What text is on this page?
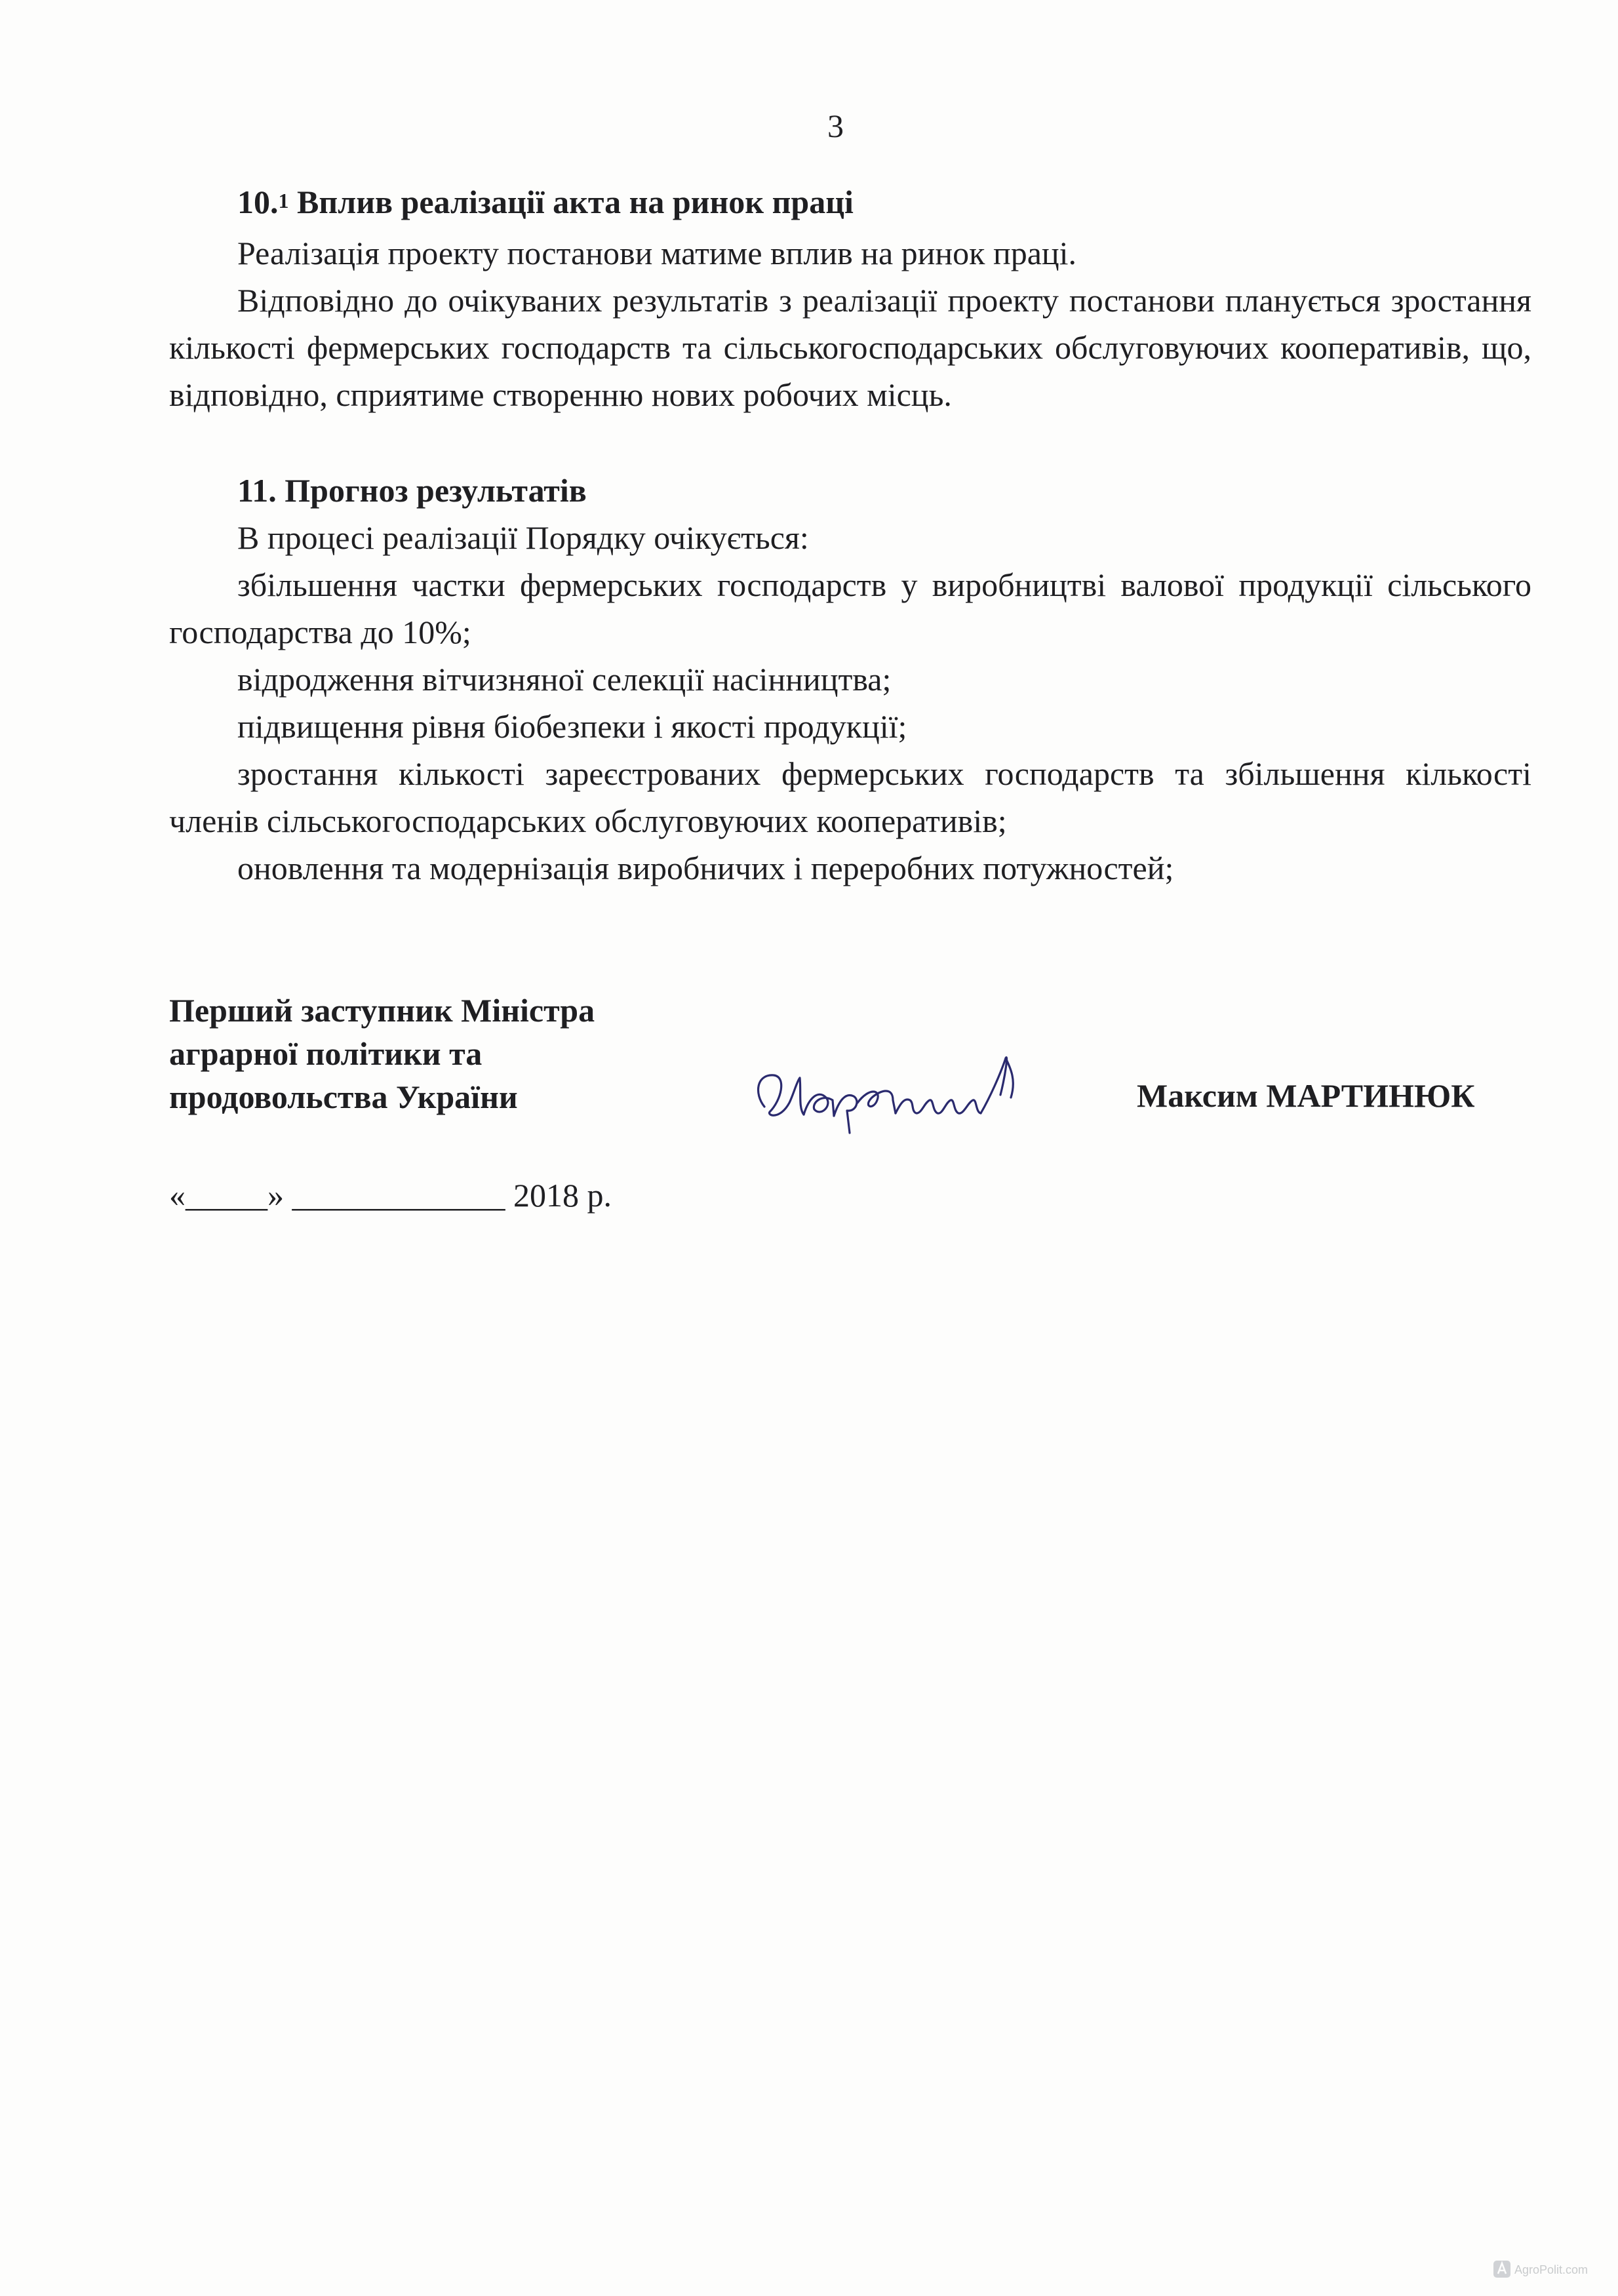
3

10.$^1$ Вплив реалізації акта на ринок праці

Реалізація проекту постанови матиме вплив на ринок праці.

Відповідно до очікуваних результатів з реалізації проекту постанови планується зростання кількості фермерських господарств та сільськогосподарських обслуговуючих кооперативів, що, відповідно, сприятиме створенню нових робочих місць.

11. Прогноз результатів

В процесі реалізації Порядку очікується:

збільшення частки фермерських господарств у виробництві валової продукції сільського господарства до 10%;

відродження вітчизняної селекції насінництва;

підвищення рівня біобезпеки і якості продукції;

зростання кількості зареєстрованих фермерських господарств та збільшення кількості членів сільськогосподарських обслуговуючих кооперативів;

оновлення та модернізація виробничих і переробних потужностей;

Перший заступник Міністра
аграрної політики та
продовольства України	Максим МАРТИНЮК
«_____» _____________ 2018 р.
AgroPolit.com
